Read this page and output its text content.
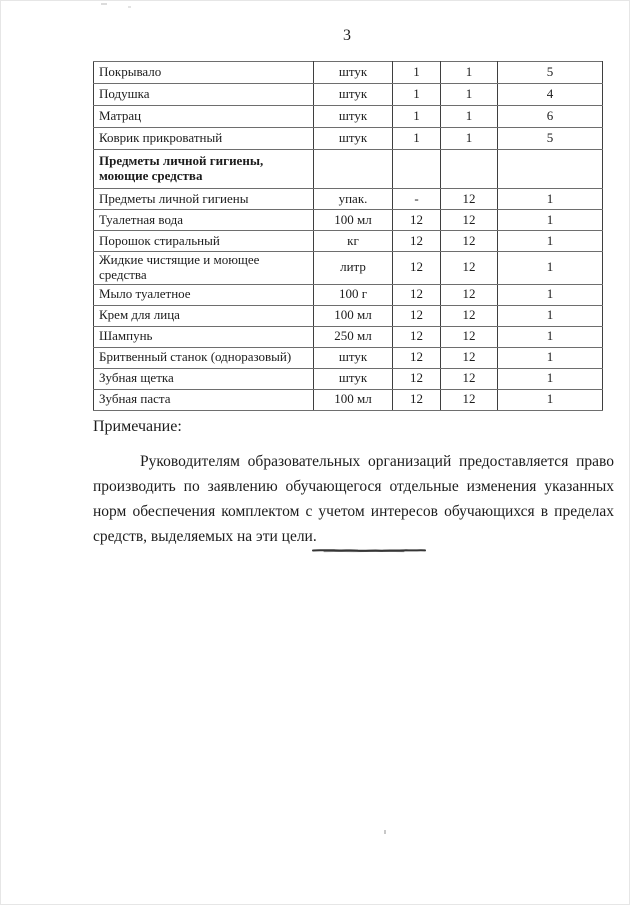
3
Покрывало	штук	1	1	5
Подушка	штук	1	1	4
Матрац	штук	1	1	6
Коврик прикроватный	штук	1	1	5
Предметы личной гигиены, моющие средства				
Предметы личной гигиены	упак.	-	12	1
Туалетная вода	100 мл	12	12	1
Порошок стиральный	кг	12	12	1
Жидкие чистящие и моющее средства	литр	12	12	1
Мыло туалетное	100 г	12	12	1
Крем для лица	100 мл	12	12	1
Шампунь	250 мл	12	12	1
Бритвенный станок (одноразовый)	штук	12	12	1
Зубная щетка	штук	12	12	1
Зубная паста	100 мл	12	12	1
Примечание:
Руководителям образовательных организаций предоставляется право производить по заявлению обучающегося отдельные изменения указанных норм обеспечения комплектом с учетом интересов обучающихся в пределах средств, выделяемых на эти цели.
